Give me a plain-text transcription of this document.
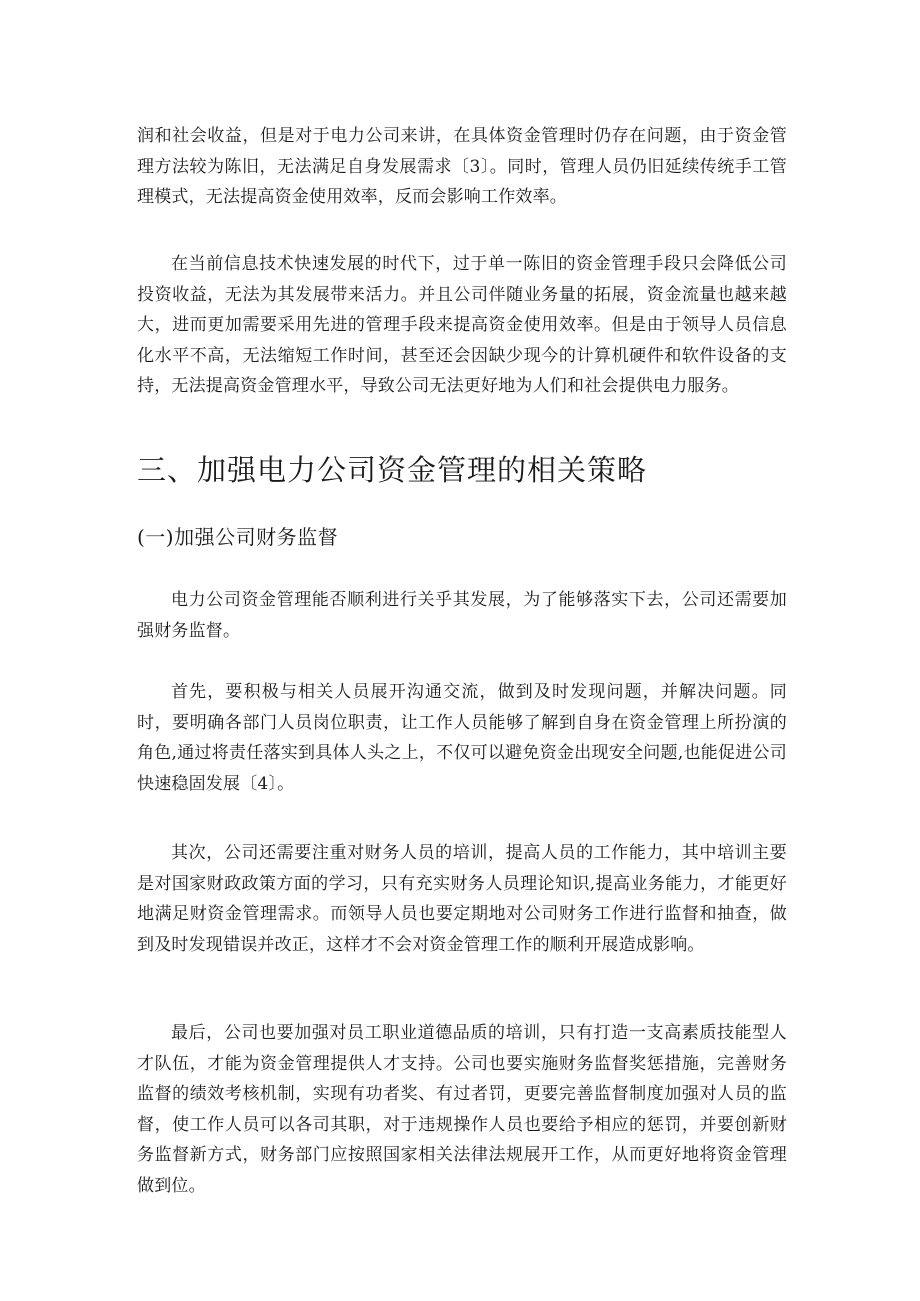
润和社会收益，但是对于电力公司来讲，在具体资金管理时仍存在问题，由于资金管理方法较为陈旧，无法满足自身发展需求〔3〕。同时，管理人员仍旧延续传统手工管理模式，无法提高资金使用效率，反而会影响工作效率。

在当前信息技术快速发展的时代下，过于单一陈旧的资金管理手段只会降低公司投资收益，无法为其发展带来活力。并且公司伴随业务量的拓展，资金流量也越来越大，进而更加需要采用先进的管理手段来提高资金使用效率。但是由于领导人员信息化水平不高，无法缩短工作时间，甚至还会因缺少现今的计算机硬件和软件设备的支持，无法提高资金管理水平，导致公司无法更好地为人们和社会提供电力服务。

三、加强电力公司资金管理的相关策略
(一)加强公司财务监督

电力公司资金管理能否顺利进行关乎其发展，为了能够落实下去，公司还需要加强财务监督。

首先，要积极与相关人员展开沟通交流，做到及时发现问题，并解决问题。同时，要明确各部门人员岗位职责，让工作人员能够了解到自身在资金管理上所扮演的角色,通过将责任落实到具体人头之上，不仅可以避免资金出现安全问题,也能促进公司快速稳固发展〔4〕。

其次，公司还需要注重对财务人员的培训，提高人员的工作能力，其中培训主要是对国家财政政策方面的学习，只有充实财务人员理论知识,提高业务能力，才能更好地满足财资金管理需求。而领导人员也要定期地对公司财务工作进行监督和抽查，做到及时发现错误并改正，这样才不会对资金管理工作的顺利开展造成影响。

最后，公司也要加强对员工职业道德品质的培训，只有打造一支高素质技能型人才队伍，才能为资金管理提供人才支持。公司也要实施财务监督奖惩措施，完善财务监督的绩效考核机制，实现有功者奖、有过者罚，更要完善监督制度加强对人员的监督，使工作人员可以各司其职，对于违规操作人员也要给予相应的惩罚，并要创新财务监督新方式，财务部门应按照国家相关法律法规展开工作，从而更好地将资金管理做到位。
